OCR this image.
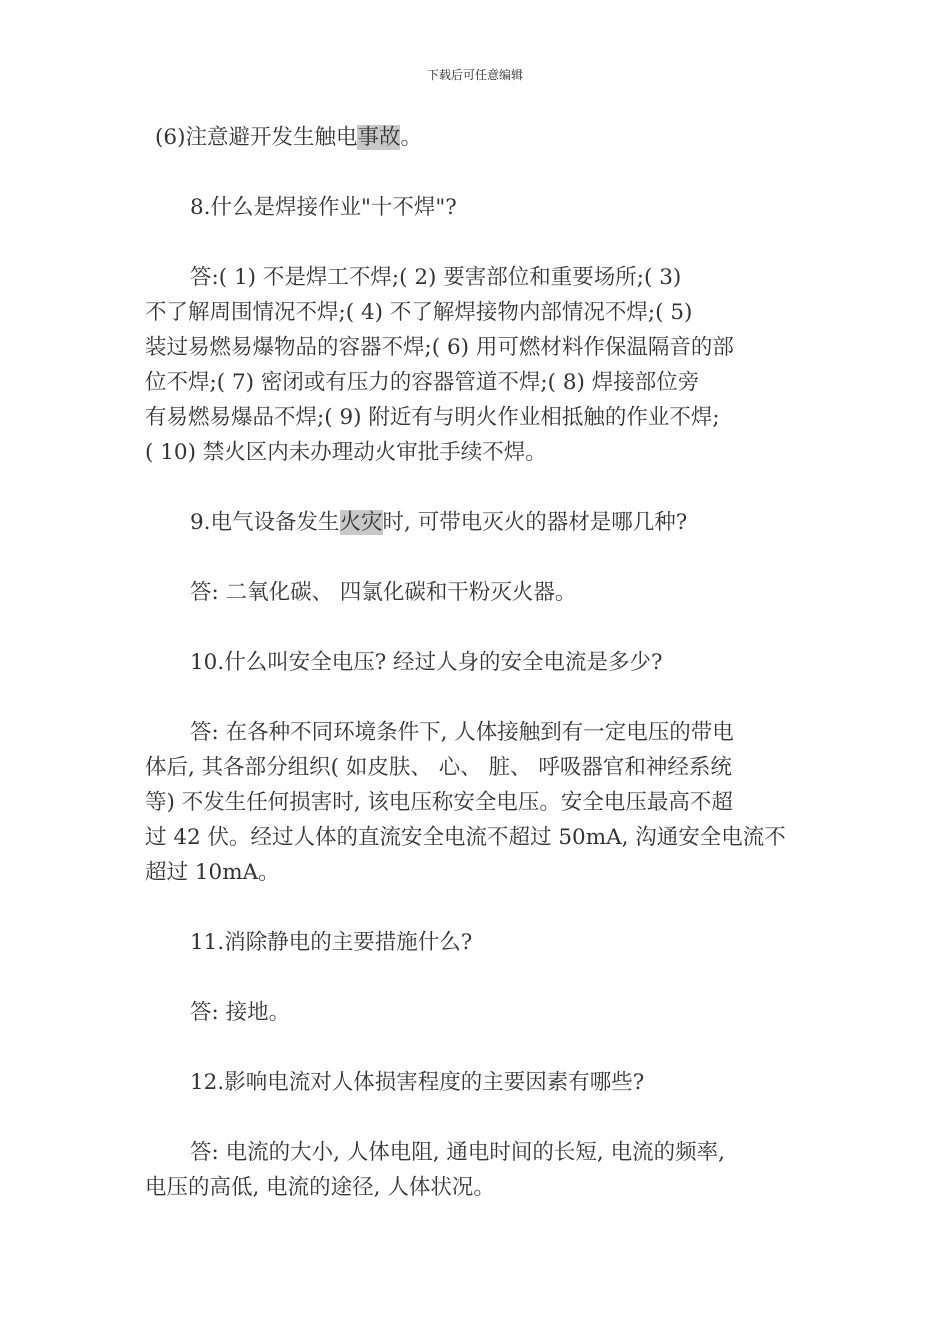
下载后可任意编辑
(6)注意避开发生触电事故。
8.什么是焊接作业"十不焊"?
答:( 1) 不是焊工不焊;( 2) 要害部位和重要场所;( 3)
不了解周围情况不焊;( 4) 不了解焊接物内部情况不焊;( 5)
装过易燃易爆物品的容器不焊;( 6) 用可燃材料作保温隔音的部
位不焊;( 7) 密闭或有压力的容器管道不焊;( 8) 焊接部位旁
有易燃易爆品不焊;( 9) 附近有与明火作业相抵触的作业不焊;
( 10) 禁火区内未办理动火审批手续不焊。
9.电气设备发生火灾时, 可带电灭火的器材是哪几种?
答: 二氧化碳、 四氯化碳和干粉灭火器。
10.什么叫安全电压? 经过人身的安全电流是多少?
答: 在各种不同环境条件下, 人体接触到有一定电压的带电
体后, 其各部分组织( 如皮肤、 心、 脏、 呼吸器官和神经系统
等) 不发生任何损害时, 该电压称安全电压。安全电压最高不超
过 42 伏。经过人体的直流安全电流不超过 50mA, 沟通安全电流不
超过 10mA。
11.消除静电的主要措施什么?
答: 接地。
12.影响电流对人体损害程度的主要因素有哪些?
答: 电流的大小, 人体电阻, 通电时间的长短, 电流的频率,
电压的高低, 电流的途径, 人体状况。
